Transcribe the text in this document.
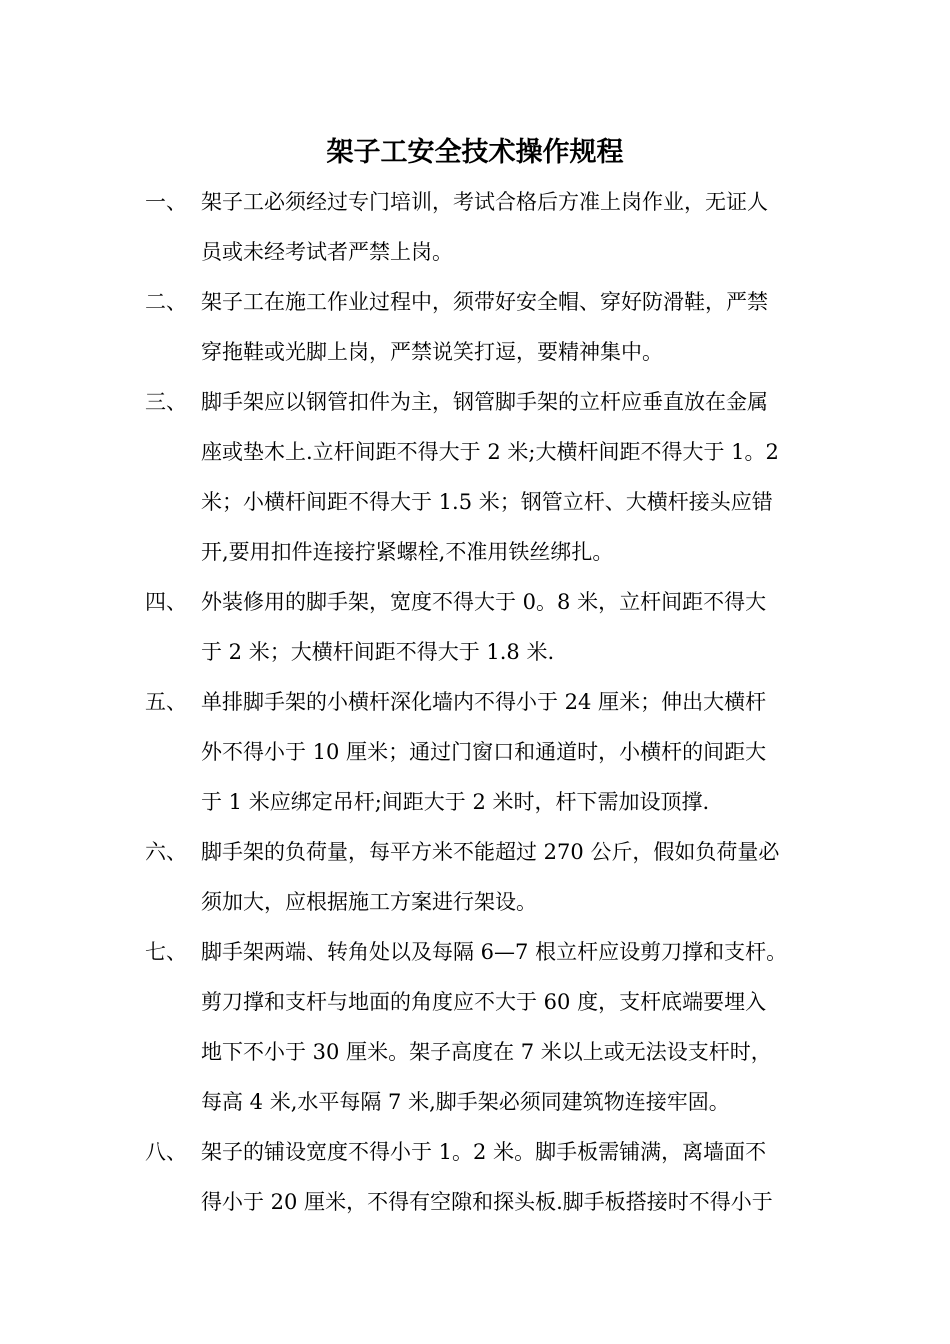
架子工安全技术操作规程
一、 架子工必须经过专门培训，考试合格后方准上岗作业，无证人
员或未经考试者严禁上岗。
二、 架子工在施工作业过程中，须带好安全帽、穿好防滑鞋，严禁
穿拖鞋或光脚上岗，严禁说笑打逗，要精神集中。
三、 脚手架应以钢管扣件为主，钢管脚手架的立杆应垂直放在金属
座或垫木上.立杆间距不得大于 2 米;大横杆间距不得大于 1。2
米；小横杆间距不得大于 1.5 米；钢管立杆、大横杆接头应错
开,要用扣件连接拧紧螺栓,不准用铁丝绑扎。
四、 外装修用的脚手架，宽度不得大于 0。8 米，立杆间距不得大
于 2 米；大横杆间距不得大于 1.8 米.
五、 单排脚手架的小横杆深化墙内不得小于 24 厘米；伸出大横杆
外不得小于 10 厘米；通过门窗口和通道时，小横杆的间距大
于 1 米应绑定吊杆;间距大于 2 米时，杆下需加设顶撑.
六、 脚手架的负荷量，每平方米不能超过 270 公斤，假如负荷量必
须加大，应根据施工方案进行架设。
七、 脚手架两端、转角处以及每隔 6—7 根立杆应设剪刀撑和支杆。
剪刀撑和支杆与地面的角度应不大于 60 度，支杆底端要埋入
地下不小于 30 厘米。架子高度在 7 米以上或无法设支杆时，
每高 4 米,水平每隔 7 米,脚手架必须同建筑物连接牢固。
八、 架子的铺设宽度不得小于 1。2 米。脚手板需铺满，离墙面不
得小于 20 厘米，不得有空隙和探头板.脚手板搭接时不得小于
